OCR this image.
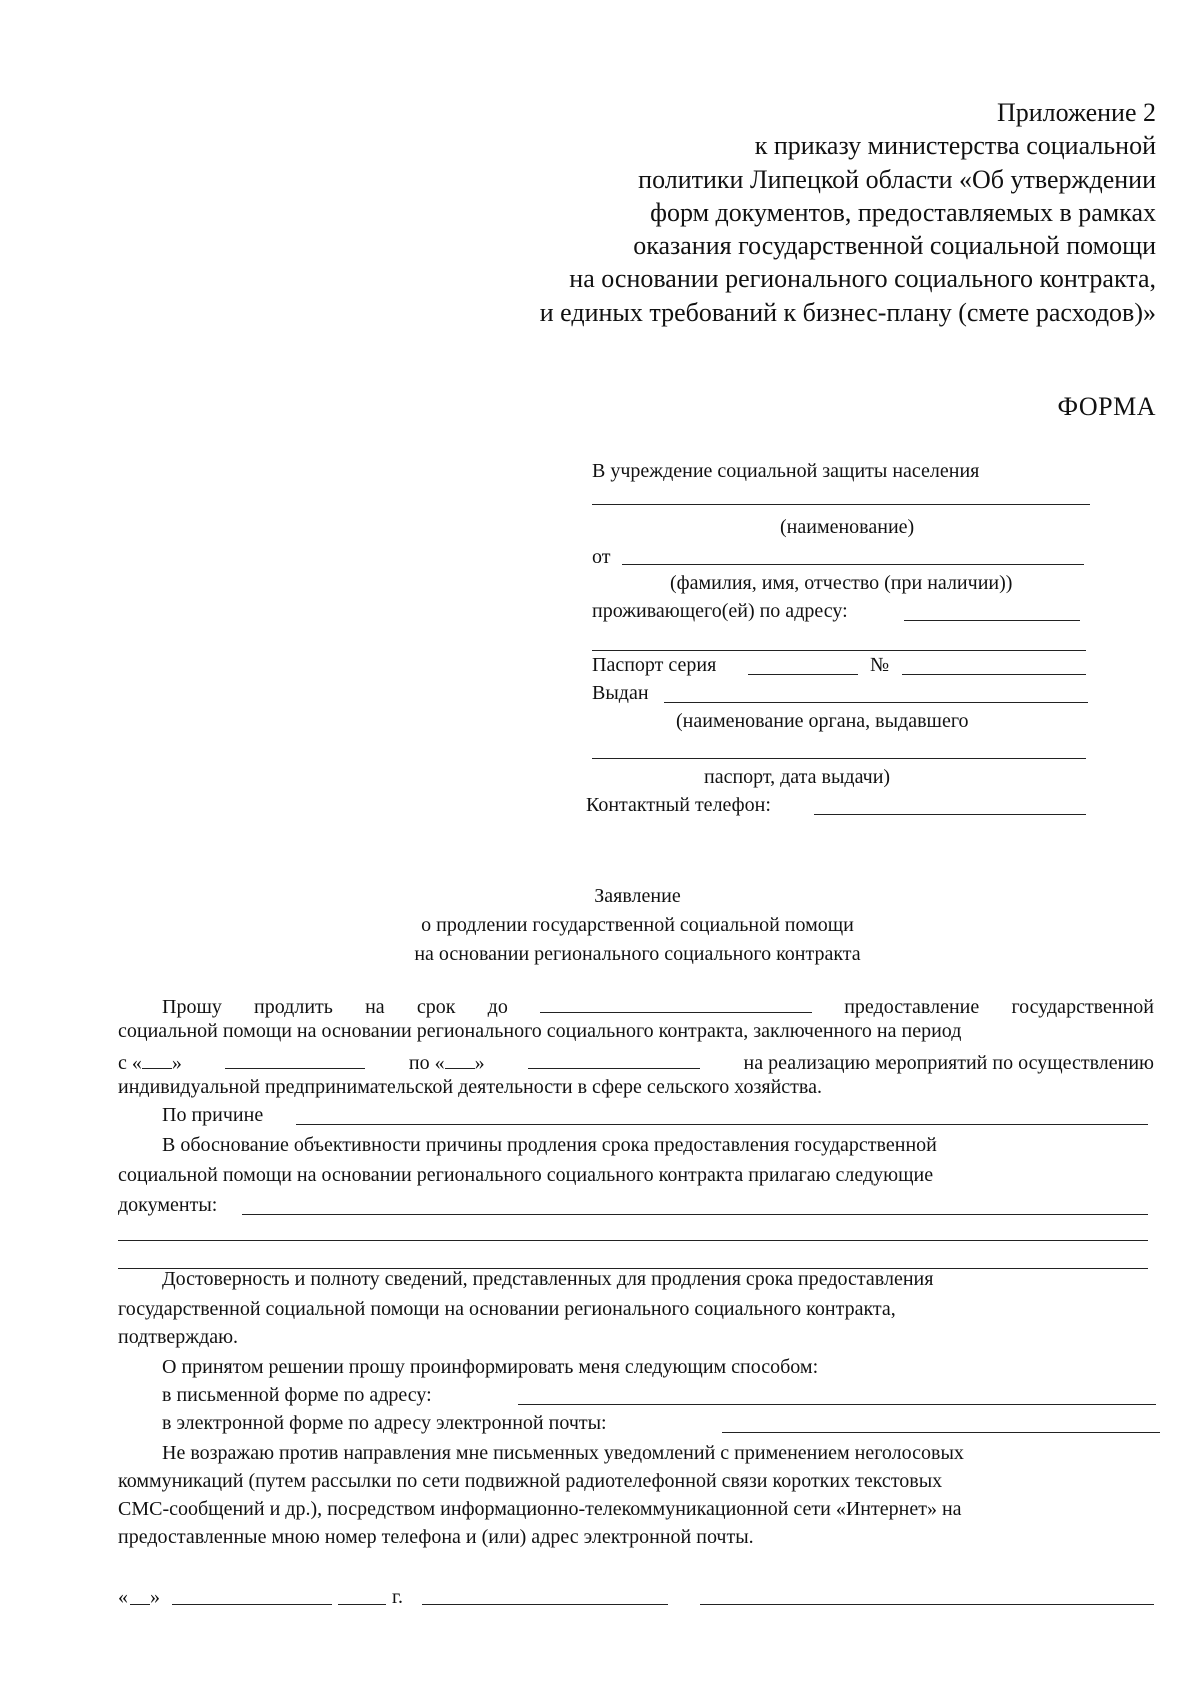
Приложение 2
к приказу министерства социальной
политики Липецкой области «Об утверждении
форм документов, предоставляемых в рамках
оказания государственной социальной помощи
на основании регионального социального контракта,
и единых требований к бизнес-плану (смете расходов)»
ФОРМА
В учреждение социальной защиты населения
(наименование)
от
(фамилия, имя, отчество (при наличии))
проживающего(ей) по адресу:
Паспорт серия	№
Выдан
(наименование органа, выдавшего
паспорт, дата выдачи)
Контактный телефон:
Заявление
о продлении государственной социальной помощи
на основании регионального социального контракта
Прошу продлить на срок до	предоставление государственной
социальной помощи на основании регионального социального контракта, заключенного на период
с « »	по « »	на реализацию мероприятий по осуществлению
индивидуальной предпринимательской деятельности в сфере сельского хозяйства.
По причине
В обоснование объективности причины продления срока предоставления государственной
социальной помощи на основании регионального социального контракта прилагаю следующие
документы:
Достоверность и полноту сведений, представленных для продления срока предоставления
государственной социальной помощи на основании регионального социального контракта,
подтверждаю.
О принятом решении прошу проинформировать меня следующим способом:
в письменной форме по адресу:
в электронной форме по адресу электронной почты:
Не возражаю против направления мне письменных уведомлений с применением неголосовых
коммуникаций (путем рассылки по сети подвижной радиотелефонной связи коротких текстовых
СМС-сообщений и др.), посредством информационно-телекоммуникационной сети «Интернет» на
предоставленные мною номер телефона и (или) адрес электронной почты.
« »	г.
